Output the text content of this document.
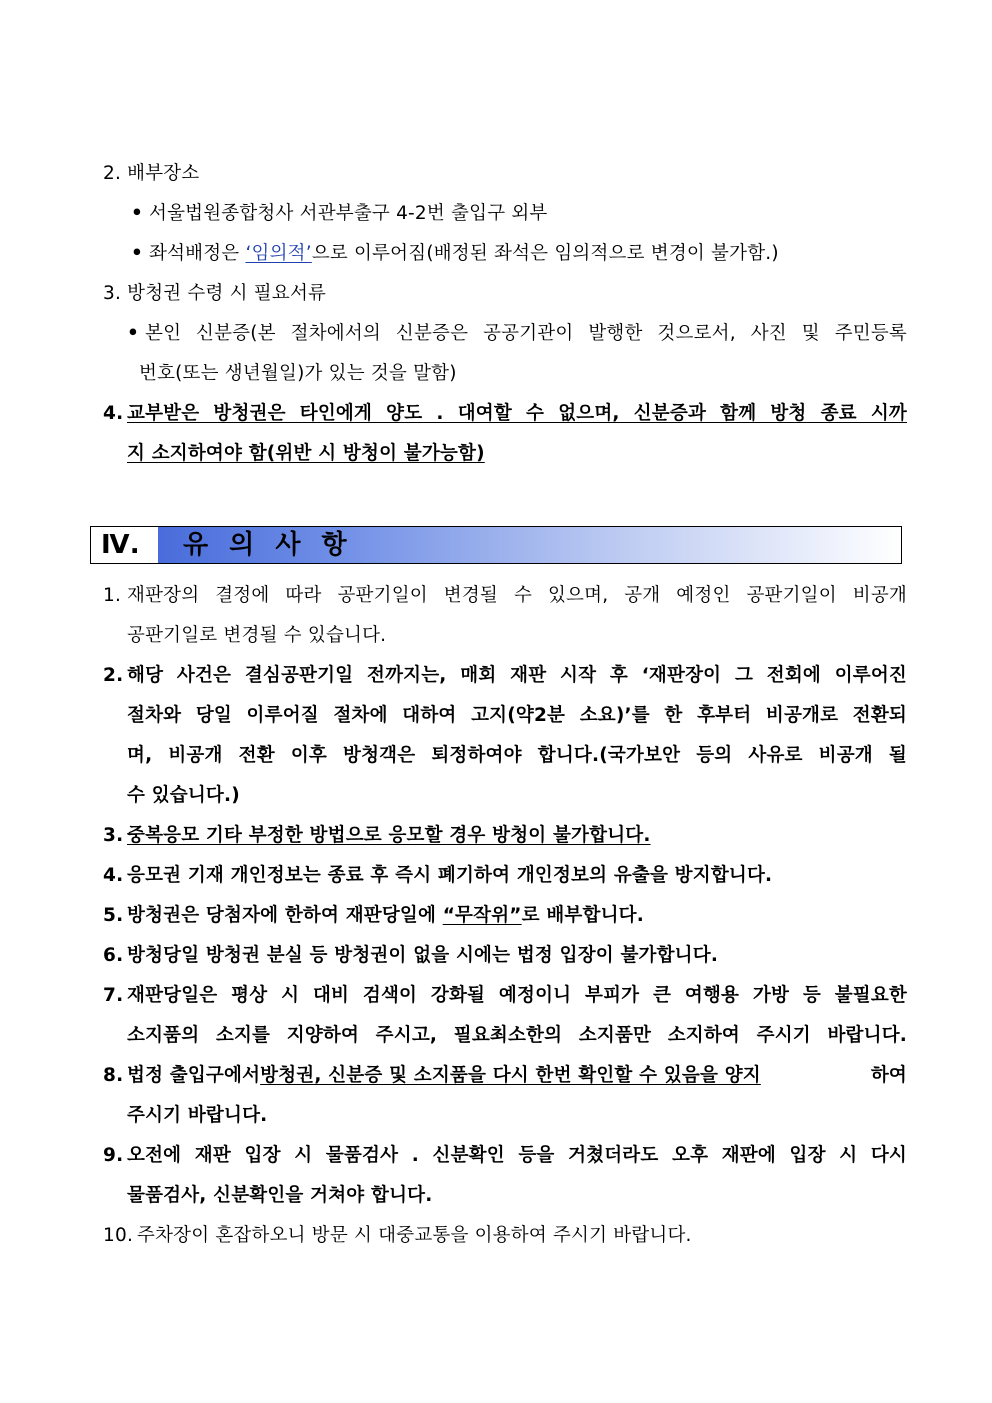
2. 배부장소
• 서울법원종합청사 서관부출구 4-2번 출입구 외부
• 좌석배정은 ‘임의적’으로 이루어짐(배정된 좌석은 임의적으로 변경이 불가함.)
3. 방청권 수령 시 필요서류
• 본인 신분증(본 절차에서의 신분증은 공공기관이 발행한 것으로서, 사진 및 주민등록
번호(또는 생년월일)가 있는 것을 말함)
4. 교부받은 방청권은 타인에게 양도 . 대여할 수 없으며, 신분증과 함께 방청 종료 시까
지 소지하여야 함(위반 시 방청이 불가능함)
Ⅳ.	유 의 사 항
1. 재판장의 결정에 따라 공판기일이 변경될 수 있으며, 공개 예정인 공판기일이 비공개
공판기일로 변경될 수 있습니다.
2. 해당 사건은 결심공판기일 전까지는, 매회 재판 시작 후 ‘재판장이 그 전회에 이루어진
절차와 당일 이루어질 절차에 대하여 고지(약2분 소요)’를 한 후부터 비공개로 전환되
며, 비공개 전환 이후 방청객은 퇴정하여야 합니다.(국가보안 등의 사유로 비공개 될
수 있습니다.)
3. 중복응모 기타 부정한 방법으로 응모할 경우 방청이 불가합니다.
4. 응모권 기재 개인정보는 종료 후 즉시 폐기하여 개인정보의 유출을 방지합니다.
5. 방청권은 당첨자에 한하여 재판당일에 “무작위”로 배부합니다.
6. 방청당일 방청권 분실 등 방청권이 없을 시에는 법정 입장이 불가합니다.
7. 재판당일은 평상 시 대비 검색이 강화될 예정이니 부피가 큰 여행용 가방 등 불필요한
소지품의 소지를 지양하여 주시고, 필요최소한의 소지품만 소지하여 주시기 바랍니다.
8. 법정 출입구에서 방청권, 신분증 및 소지품을 다시 한번 확인할 수 있음을 양지	하여
주시기 바랍니다.
9. 오전에 재판 입장 시 물품검사 . 신분확인 등을 거쳤더라도 오후 재판에 입장 시 다시
물품검사, 신분확인을 거쳐야 합니다.
10. 주차장이 혼잡하오니 방문 시 대중교통을 이용하여 주시기 바랍니다.
